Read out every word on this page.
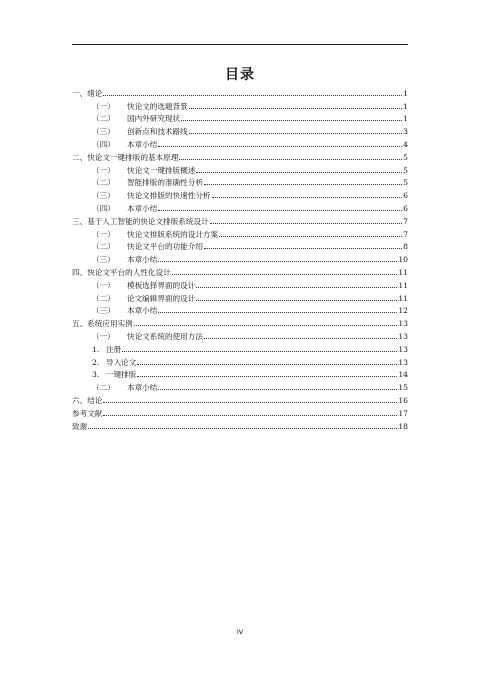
目录
一、 绪论	1
（一）	快论文的选题背景	1
（二）	国内外研究现状	1
（三）	创新点和技术路线	3
（四）	本章小结	4
二、 快论文一键排版的基本原理	5
（一）	快论文一键排版概述	5
（二）	智能排版的准确性分析	5
（三）	快论文排版的快速性分析	6
（四）	本章小结	6
三、 基于人工智能的快论文排版系统设计	7
（一）	快论文排版系统的设计方案	7
（二）	快论文平台的功能介绍	8
（三）	本章小结	10
四、 快论文平台的人性化设计	11
（一）	模板选择界面的设计	11
（二）	论文编辑界面的设计	11
（三）	本章小结	12
五、 系统应用实例	13
（一）	快论文系统的使用方法	13
1. 注册	13
2. 导入论文	13
3. 一键排版	14
（二）	本章小结	15
六、 结论	16
参考文献	17
致谢	18
IV
